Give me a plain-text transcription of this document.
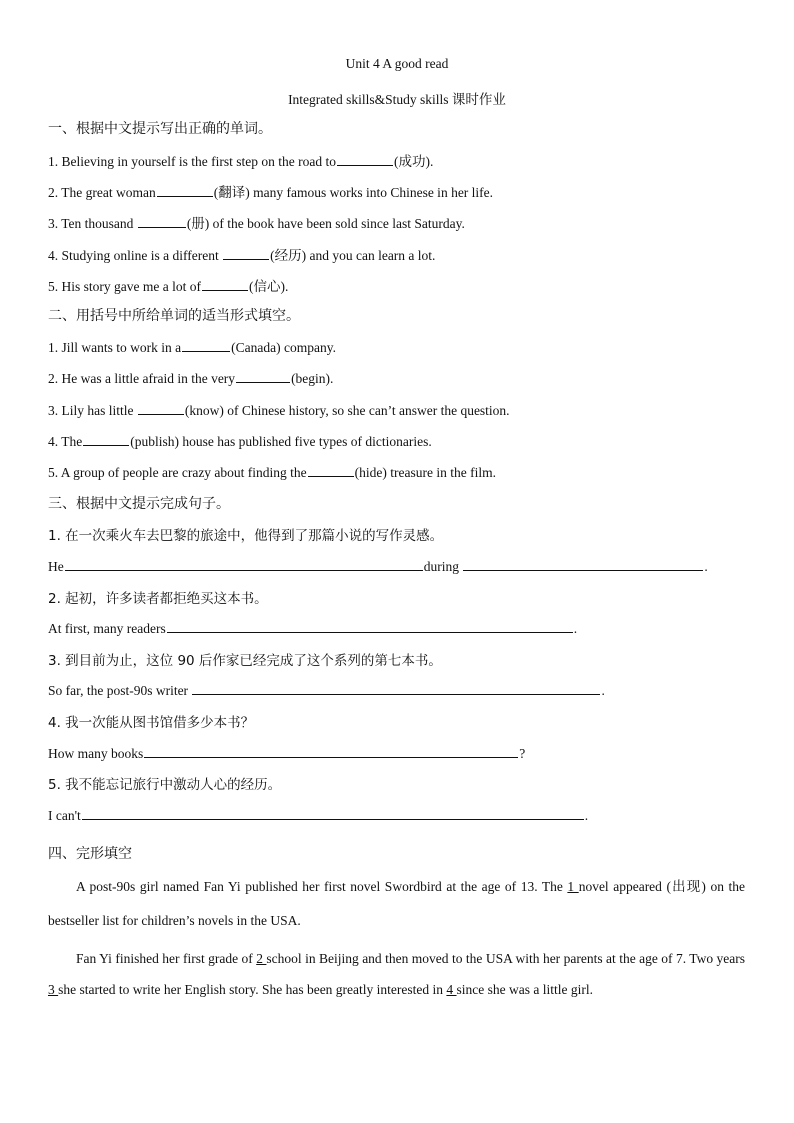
Unit 4 A good read
Integrated skills&Study skills 课时作业
一、根据中文提示写出正确的单词。
1. Believing in yourself is the first step on the road to	(成功).
2. The great woman	(翻译) many famous works into Chinese in her life.
3. Ten thousand	(册) of the book have been sold since last Saturday.
4. Studying online is a different	(经历) and you can learn a lot.
5. His story gave me a lot of	(信心).
二、用括号中所给单词的适当形式填空。
1. Jill wants to work in a	(Canada) company.
2. He was a little afraid in the very	(begin).
3. Lily has little	(know) of Chinese history, so she can’t answer the question.
4. The	(publish) house has published five types of dictionaries.
5. A group of people are crazy about finding the	(hide) treasure in the film.
三、根据中文提示完成句子。
1. 在一次乘火车去巴黎的旅途中，他得到了那篇小说的写作灵感。
He	during	.
2. 起初，许多读者都拒绝买这本书。
At first, many readers	.
3. 到目前为止，这位 90 后作家已经完成了这个系列的第七本书。
So far, the post-90s writer	.
4. 我一次能从图书馆借多少本书？
How many books	?
5. 我不能忘记旅行中激动人心的经历。
I can't	.
四、完形填空
A post-90s girl named Fan Yi published her first novel Swordbird at the age of 13. The 1 novel appeared (出现) on the bestseller list for children’s novels in the USA.
Fan Yi finished her first grade of 2 school in Beijing and then moved to the USA with her parents at the age of 7. Two years 3 she started to write her English story. She has been greatly interested in 4 since she was a little girl.
